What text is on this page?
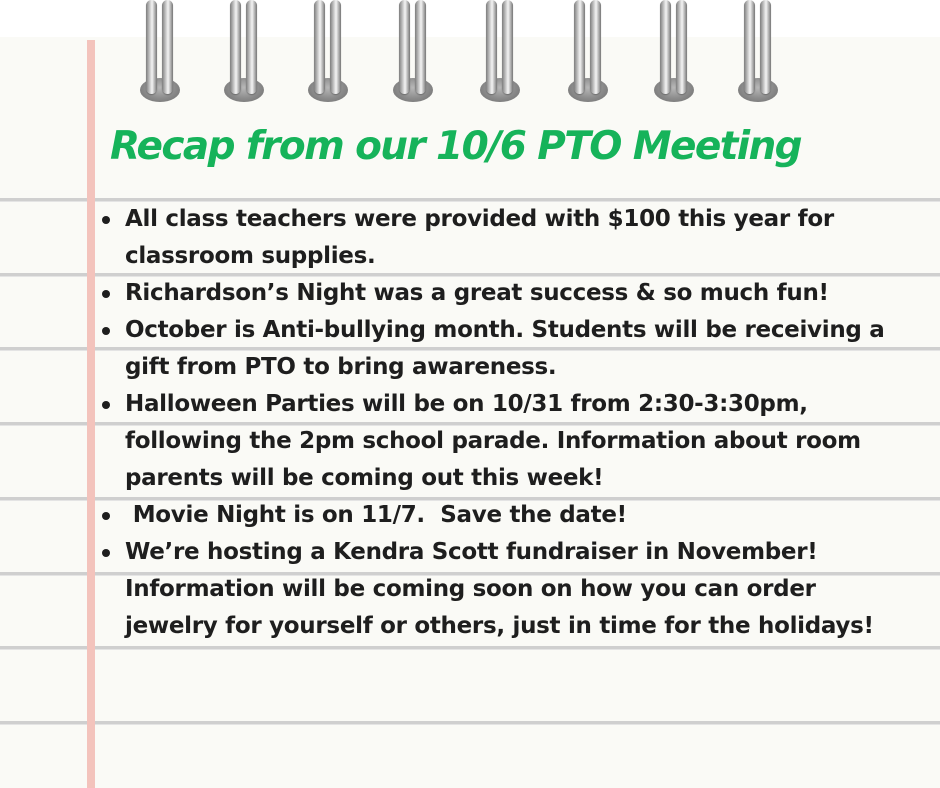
Recap from our 10/6 PTO Meeting
All class teachers were provided with $100 this year for classroom supplies.
Richardson’s Night was a great success & so much fun!
October is Anti-bullying month. Students will be receiving a gift from PTO to bring awareness.
Halloween Parties will be on 10/31 from 2:30-3:30pm, following the 2pm school parade. Information about room parents will be coming out this week!
Movie Night is on 11/7.  Save the date!
We’re hosting a Kendra Scott fundraiser in November! Information will be coming soon on how you can order jewelry for yourself or others, just in time for the holidays!
